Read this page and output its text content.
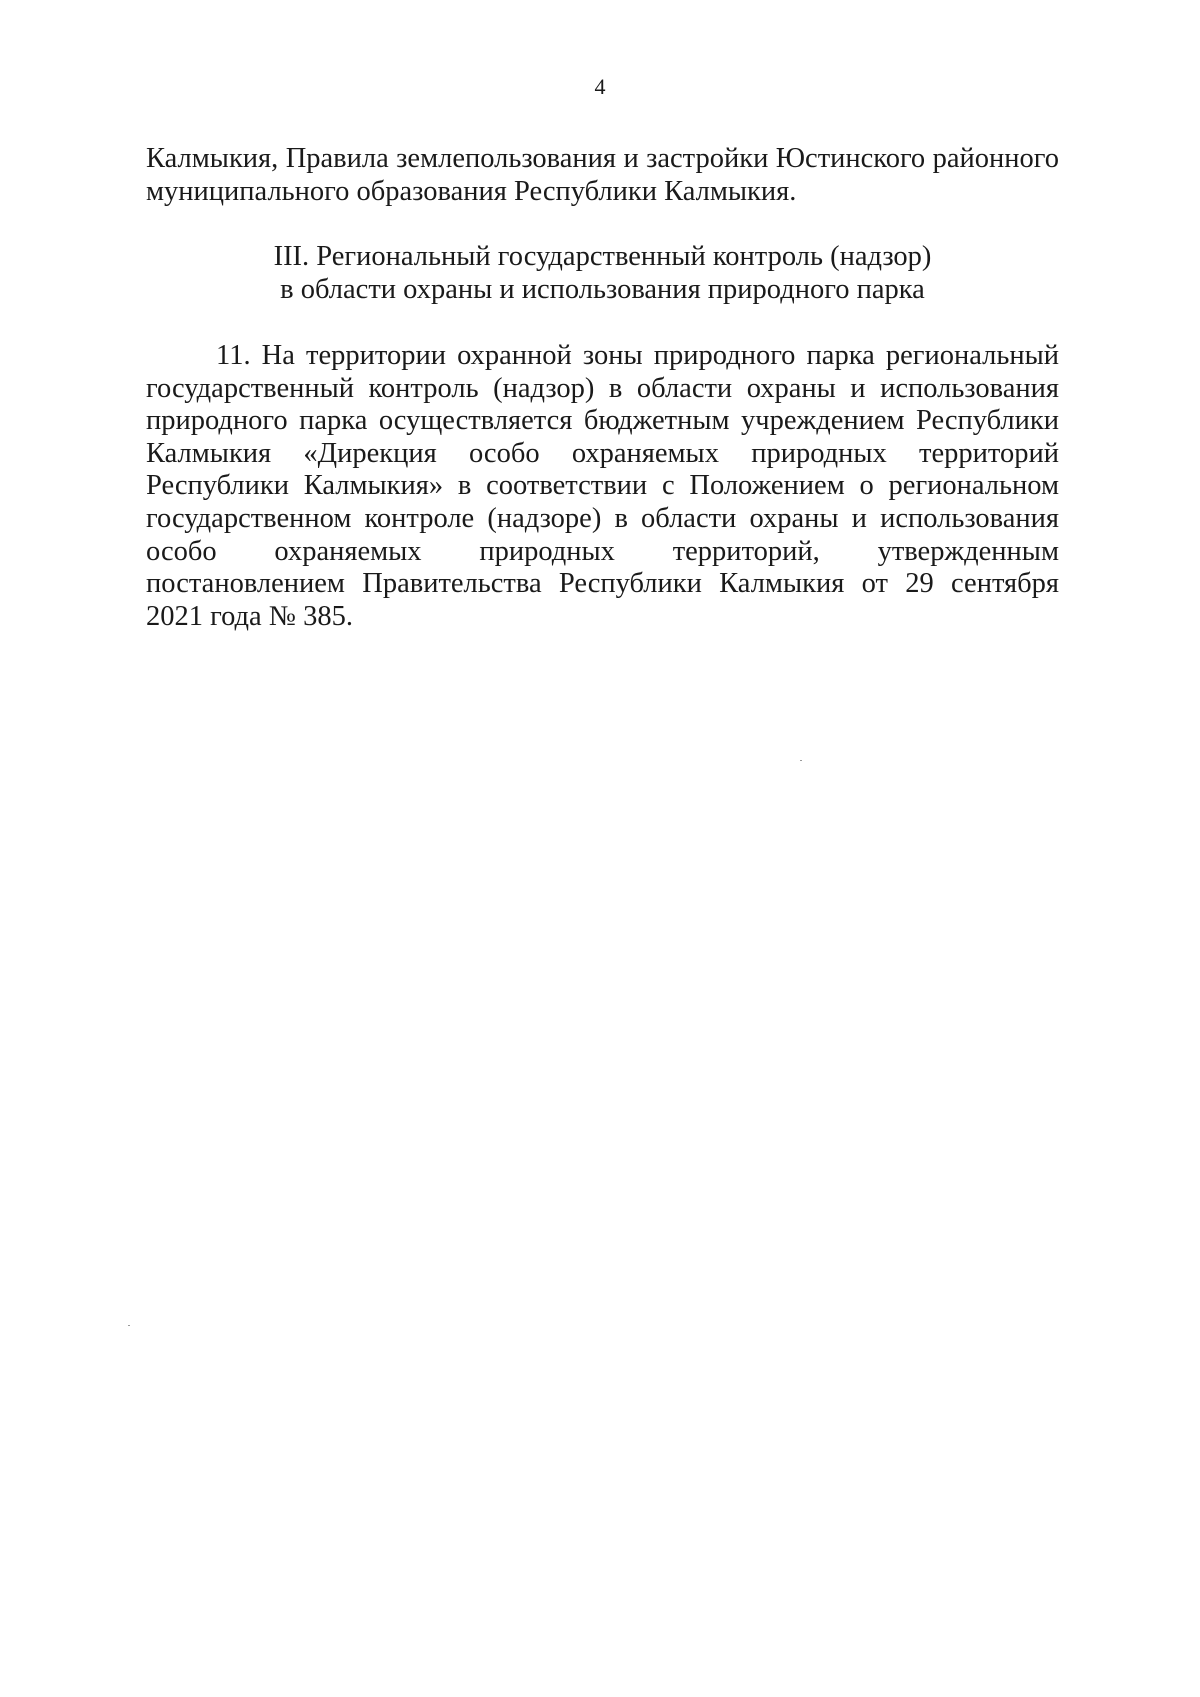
4

Калмыкия, Правила землепользования и застройки Юстинского районного муниципального образования Республики Калмыкия.

III. Региональный государственный контроль (надзор)
в области охраны и использования природного парка

11. На территории охранной зоны природного парка региональный государственный контроль (надзор) в области охраны и использования природного парка осуществляется бюджетным учреждением Республики Калмыкия «Дирекция особо охраняемых природных территорий Республики Калмыкия» в соответствии с Положением о региональном государственном контроле (надзоре) в области охраны и использования особо охраняемых природных территорий, утвержденным постановлением Правительства Республики Калмыкия от 29 сентября 2021 года № 385.
